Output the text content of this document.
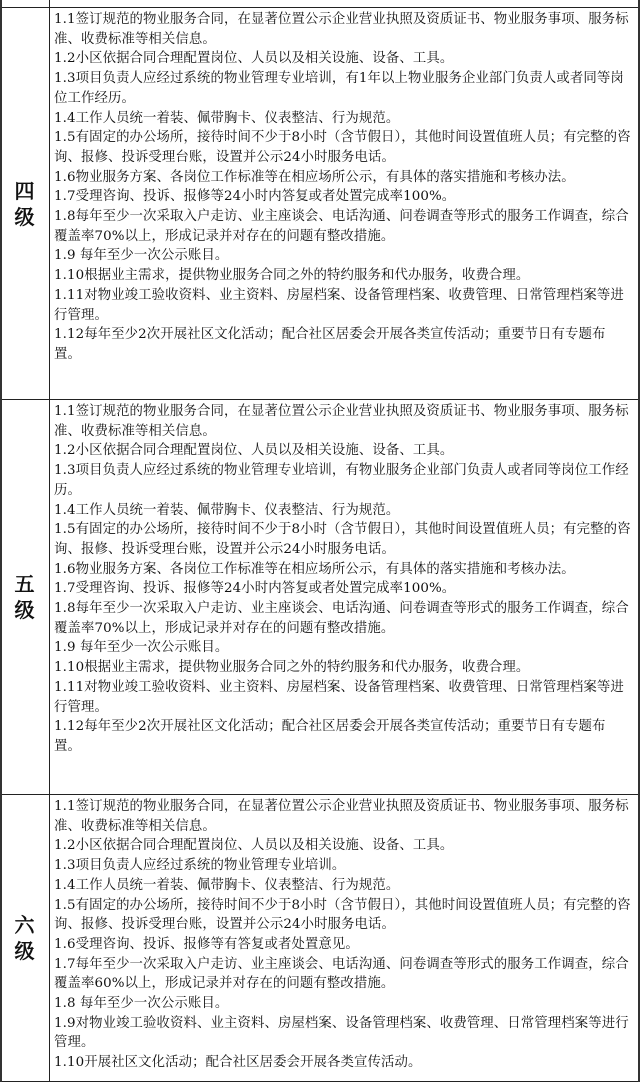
四级

1.1签订规范的物业服务合同，在显著位置公示企业营业执照及资质证书、物业服务事项、服务标准、收费标准等相关信息。

1.2小区依据合同合理配置岗位、人员以及相关设施、设备、工具。

1.3项目负责人应经过系统的物业管理专业培训，有1年以上物业服务企业部门负责人或者同等岗位工作经历。

1.4工作人员统一着装、佩带胸卡、仪表整洁、行为规范。

1.5有固定的办公场所，接待时间不少于8小时（含节假日），其他时间设置值班人员；有完整的咨询、报修、投诉受理台账，设置并公示24小时服务电话。

1.6物业服务方案、各岗位工作标准等在相应场所公示，有具体的落实措施和考核办法。

1.7受理咨询、投诉、报修等24小时内答复或者处置完成率100%。

1.8每年至少一次采取入户走访、业主座谈会、电话沟通、问卷调查等形式的服务工作调查，综合覆盖率70%以上，形成记录并对存在的问题有整改措施。

1.9 每年至少一次公示账目。

1.10根据业主需求，提供物业服务合同之外的特约服务和代办服务，收费合理。

1.11对物业竣工验收资料、业主资料、房屋档案、设备管理档案、收费管理、日常管理档案等进行管理。

1.12每年至少2次开展社区文化活动；配合社区居委会开展各类宣传活动；重要节日有专题布置。

五级

1.1签订规范的物业服务合同，在显著位置公示企业营业执照及资质证书、物业服务事项、服务标准、收费标准等相关信息。

1.2小区依据合同合理配置岗位、人员以及相关设施、设备、工具。

1.3项目负责人应经过系统的物业管理专业培训，有物业服务企业部门负责人或者同等岗位工作经历。

1.4工作人员统一着装、佩带胸卡、仪表整洁、行为规范。

1.5有固定的办公场所，接待时间不少于8小时（含节假日），其他时间设置值班人员；有完整的咨询、报修、投诉受理台账，设置并公示24小时服务电话。

1.6物业服务方案、各岗位工作标准等在相应场所公示，有具体的落实措施和考核办法。

1.7受理咨询、投诉、报修等24小时内答复或者处置完成率100%。

1.8每年至少一次采取入户走访、业主座谈会、电话沟通、问卷调查等形式的服务工作调查，综合覆盖率70%以上，形成记录并对存在的问题有整改措施。

1.9 每年至少一次公示账目。

1.10根据业主需求，提供物业服务合同之外的特约服务和代办服务，收费合理。

1.11对物业竣工验收资料、业主资料、房屋档案、设备管理档案、收费管理、日常管理档案等进行管理。

1.12每年至少2次开展社区文化活动；配合社区居委会开展各类宣传活动；重要节日有专题布置。

六级

1.1签订规范的物业服务合同，在显著位置公示企业营业执照及资质证书、物业服务事项、服务标准、收费标准等相关信息。

1.2小区依据合同合理配置岗位、人员以及相关设施、设备、工具。

1.3项目负责人应经过系统的物业管理专业培训。

1.4工作人员统一着装、佩带胸卡、仪表整洁、行为规范。

1.5有固定的办公场所，接待时间不少于8小时（含节假日），其他时间设置值班人员；有完整的咨询、报修、投诉受理台账，设置并公示24小时服务电话。

1.6受理咨询、投诉、报修等有答复或者处置意见。

1.7每年至少一次采取入户走访、业主座谈会、电话沟通、问卷调查等形式的服务工作调查，综合覆盖率60%以上，形成记录并对存在的问题有整改措施。

1.8 每年至少一次公示账目。

1.9对物业竣工验收资料、业主资料、房屋档案、设备管理档案、收费管理、日常管理档案等进行管理。

1.10开展社区文化活动；配合社区居委会开展各类宣传活动。
